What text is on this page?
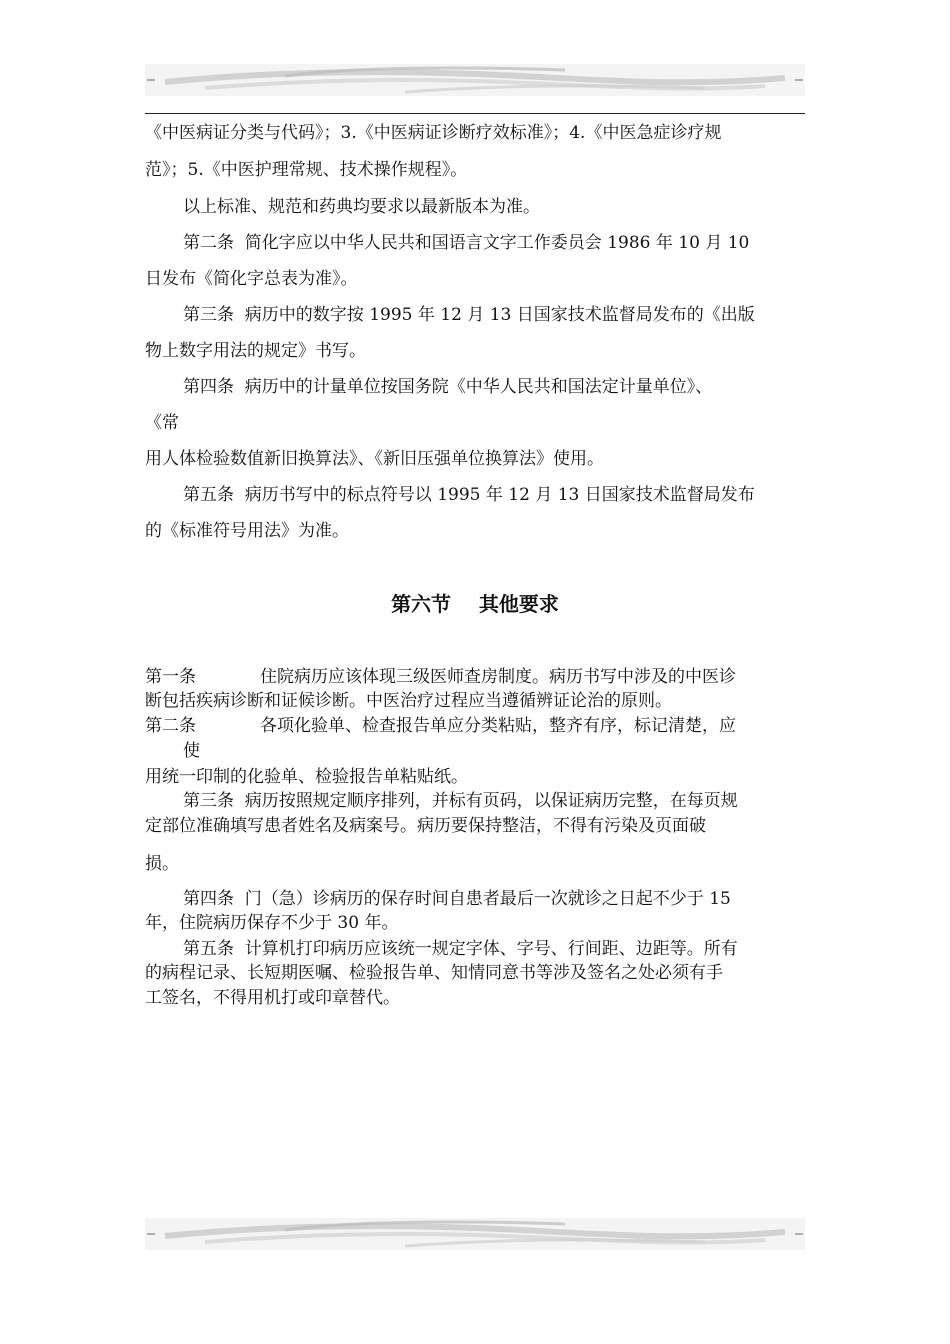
《中医病证分类与代码》；3.《中医病证诊断疗效标准》；4.《中医急症诊疗规
范》；5.《中医护理常规、技术操作规程》。
以上标准、规范和药典均要求以最新版本为准。
第二条  简化字应以中华人民共和国语言文字工作委员会 1986 年 10 月 10
日发布《简化字总表为准》。
第三条  病历中的数字按 1995 年 12 月 13 日国家技术监督局发布的《出版
物上数字用法的规定》书写。
第四条  病历中的计量单位按国务院《中华人民共和国法定计量单位》、
《常
用人体检验数值新旧换算法》、《新旧压强单位换算法》使用。
第五条  病历书写中的标点符号以 1995 年 12 月 13 日国家技术监督局发布
的《标准符号用法》为准。
第六节    其他要求
第一条	住院病历应该体现三级医师查房制度。病历书写中涉及的中医诊
断包括疾病诊断和证候诊断。中医治疗过程应当遵循辨证论治的原则。
第二条	各项化验单、检查报告单应分类粘贴，整齐有序，标记清楚，应
使
用统一印制的化验单、检验报告单粘贴纸。
第三条  病历按照规定顺序排列，并标有页码，以保证病历完整，在每页规
定部位准确填写患者姓名及病案号。病历要保持整洁，不得有污染及页面破
损。
第四条  门（急）诊病历的保存时间自患者最后一次就诊之日起不少于 15
年，住院病历保存不少于 30 年。
第五条  计算机打印病历应该统一规定字体、字号、行间距、边距等。所有
的病程记录、长短期医嘱、检验报告单、知情同意书等涉及签名之处必须有手
工签名，不得用机打或印章替代。
